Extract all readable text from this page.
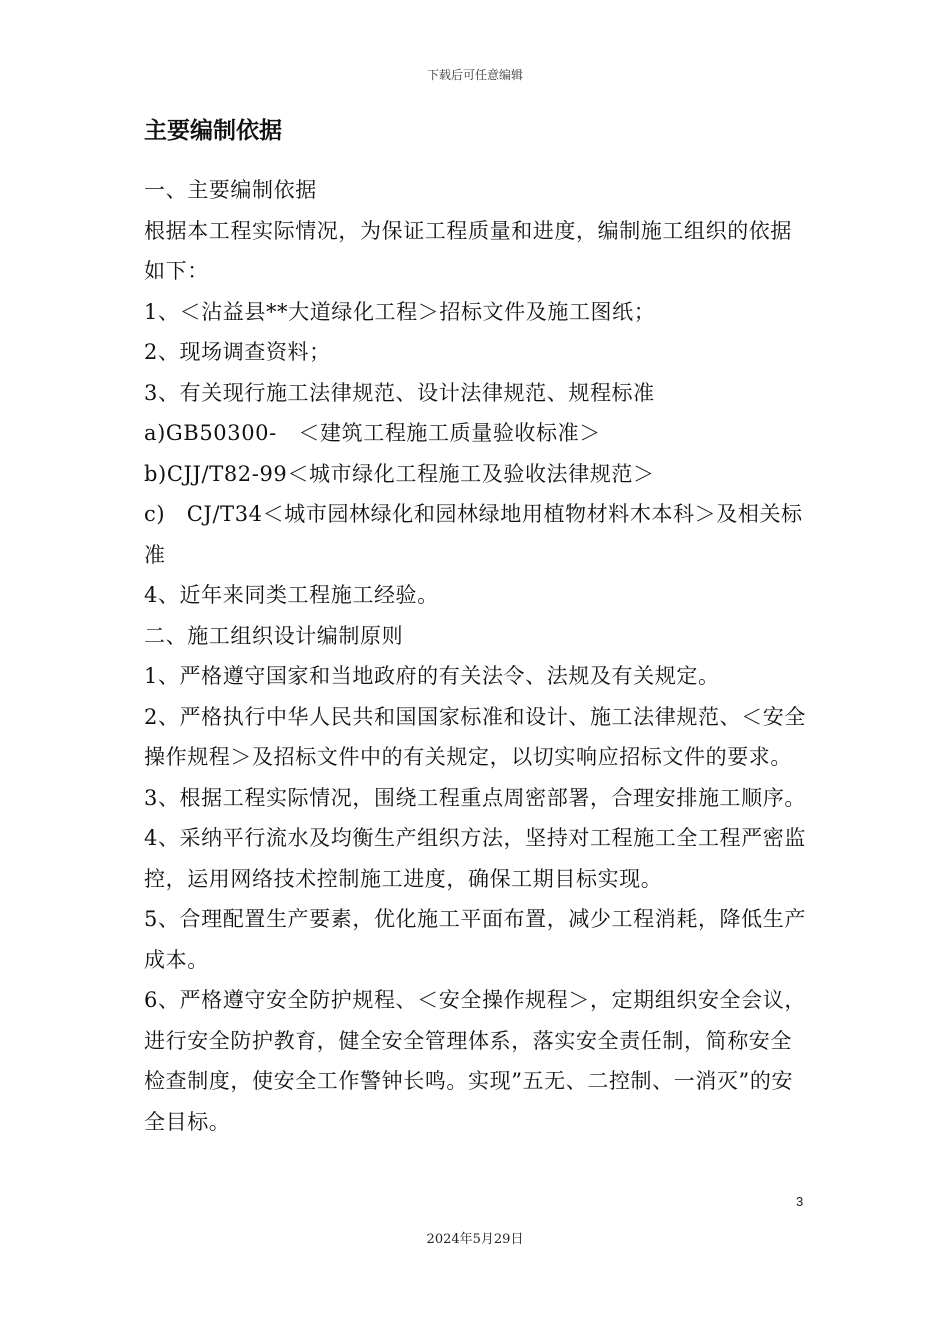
下载后可任意编辑
主要编制依据

一、主要编制依据

根据本工程实际情况，为保证工程质量和进度，编制施工组织的依据如下：

1、＜沾益县**大道绿化工程＞招标文件及施工图纸；

2、现场调查资料；

3、有关现行施工法律规范、设计法律规范、规程标准

a)GB50300-　＜建筑工程施工质量验收标准＞

b)CJJ/T82-99＜城市绿化工程施工及验收法律规范＞

c)　CJ/T34＜城市园林绿化和园林绿地用植物材料木本科＞及相关标准

4、近年来同类工程施工经验。

二、施工组织设计编制原则

1、严格遵守国家和当地政府的有关法令、法规及有关规定。

2、严格执行中华人民共和国国家标准和设计、施工法律规范、＜安全操作规程＞及招标文件中的有关规定，以切实响应招标文件的要求。

3、根据工程实际情况，围绕工程重点周密部署，合理安排施工顺序。

4、采纳平行流水及均衡生产组织方法，坚持对工程施工全工程严密监控，运用网络技术控制施工进度，确保工期目标实现。

5、合理配置生产要素，优化施工平面布置，减少工程消耗，降低生产成本。

6、严格遵守安全防护规程、＜安全操作规程＞，定期组织安全会议，进行安全防护教育，健全安全管理体系，落实安全责任制，简称安全检查制度，使安全工作警钟长鸣。实现”五无、二控制、一消灭”的安全目标。

3
2024年5月29日
